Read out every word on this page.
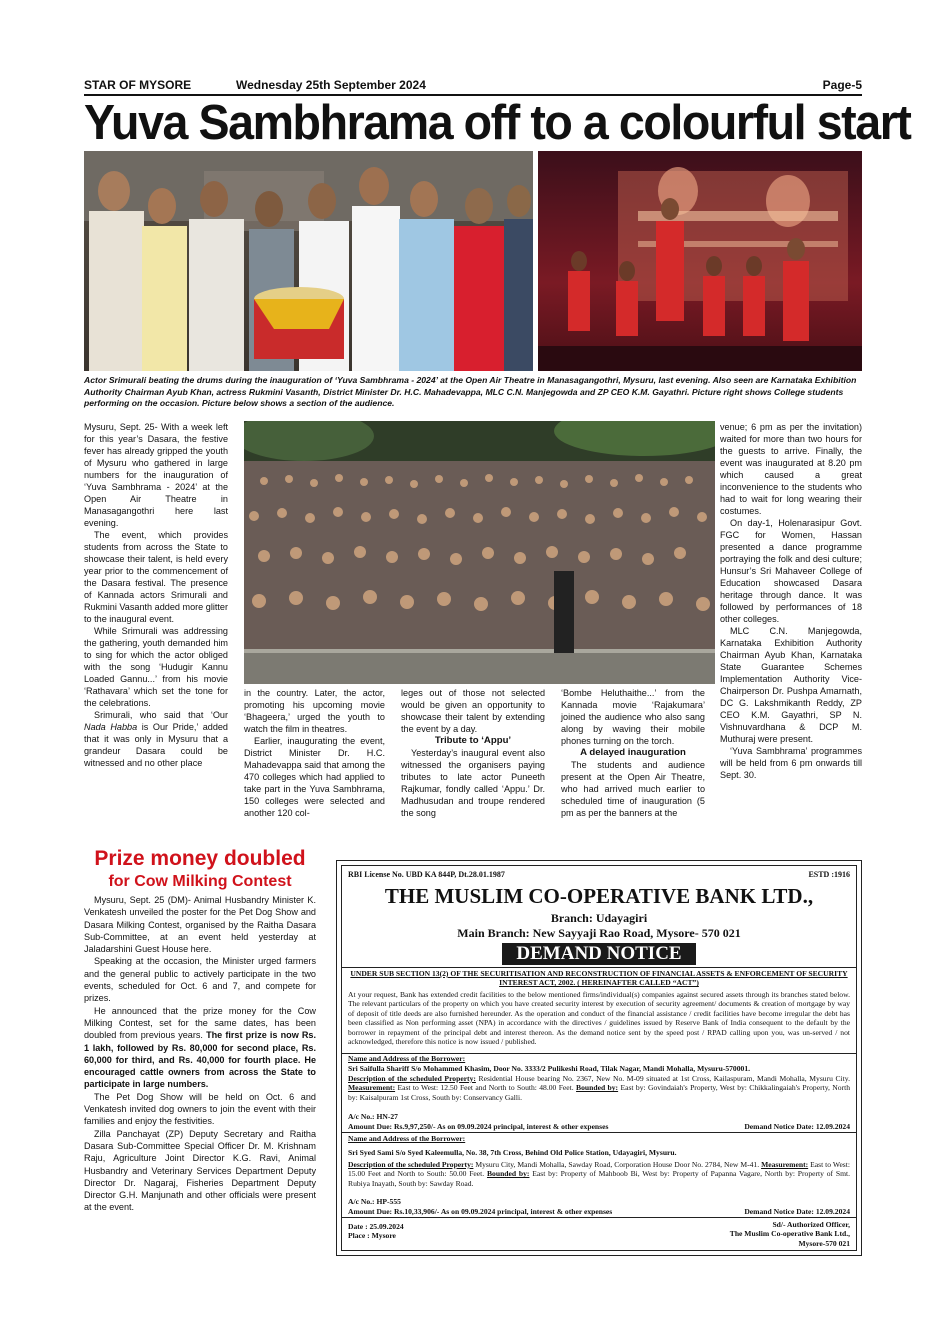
STAR OF MYSORE	Wednesday 25th September 2024	Page-5
Yuva Sambhrama off to a colourful start
Actor Srimurali beating the drums during the inauguration of ‘Yuva Sambhrama - 2024’ at the Open Air Theatre in Manasagangothri, Mysuru, last evening. Also seen are Karnataka Exhibition Authority Chairman Ayub Khan, actress Rukmini Vasanth, District Minister Dr. H.C. Mahadevappa, MLC C.N. Manjegowda and ZP CEO K.M. Gayathri. Picture right shows College students performing on the occasion. Picture below shows a section of the audience.

Mysuru, Sept. 25- With a week left for this year’s Dasara, the festive fever has already gripped the youth of Mysuru who gathered in large numbers for the inauguration of ‘Yuva Sambhrama - 2024’ at the Open Air Theatre in Manasagangothri here last evening.

The event, which provides students from across the State to showcase their talent, is held every year prior to the commencement of the Dasara festival. The presence of Kannada actors Srimurali and Rukmini Vasanth added more glitter to the inaugural event.

While Srimurali was addressing the gathering, youth demanded him to sing for which the actor obliged with the song ‘Hudugir Kannu Loaded Gannu...’ from his movie ‘Rathavara’ which set the tone for the celebrations.

Srimurali, who said that ‘Our Nada Habba is Our Pride,’ added that it was only in Mysuru that a grandeur Dasara could be witnessed and no other place

in the country. Later, the actor, promoting his upcoming movie ‘Bhageera,’ urged the youth to watch the film in theatres.

Earlier, inaugurating the event, District Minister Dr. H.C. Mahadevappa said that among the 470 colleges which had applied to take part in the Yuva Sambhrama, 150 colleges were selected and another 120 col-

leges out of those not selected would be given an opportunity to showcase their talent by extending the event by a day.

Tribute to ‘Appu’

Yesterday’s inaugural event also witnessed the organisers paying tributes to late actor Puneeth Rajkumar, fondly called ‘Appu.’ Dr. Madhusudan and troupe rendered the song

‘Bombe Heluthaithe...’ from the Kannada movie ‘Rajakumara’ joined the audience who also sang along by waving their mobile phones turning on the torch.

A delayed inauguration

The students and audience present at the Open Air Theatre, who had arrived much earlier to scheduled time of inauguration (5 pm as per the banners at the

venue; 6 pm as per the invitation) waited for more than two hours for the guests to arrive. Finally, the event was inaugurated at 8.20 pm which caused a great inconvenience to the students who had to wait for long wearing their costumes.

On day-1, Holenarasipur Govt. FGC for Women, Hassan presented a dance programme portraying the folk and desi culture; Hunsur’s Sri Mahaveer College of Education showcased Dasara heritage through dance. It was followed by performances of 18 other colleges.

MLC C.N. Manjegowda, Karnataka Exhibition Authority Chairman Ayub Khan, Karnataka State Guarantee Schemes Implementation Authority Vice-Chairperson Dr. Pushpa Amarnath, DC G. Lakshmikanth Reddy, ZP CEO K.M. Gayathri, SP N. Vishnuvardhana & DCP M. Muthuraj were present.

‘Yuva Sambhrama’ programmes will be held from 6 pm onwards till Sept. 30.

Prize money doubled
for Cow Milking Contest

Mysuru, Sept. 25 (DM)- Animal Husbandry Minister K. Venkatesh unveiled the poster for the Pet Dog Show and Dasara Milking Contest, organised by the Raitha Dasara Sub-Committee, at an event held yesterday at Jaladarshini Guest House here.

Speaking at the occasion, the Minister urged farmers and the general public to actively participate in the two events, scheduled for Oct. 6 and 7, and compete for prizes.

He announced that the prize money for the Cow Milking Contest, set for the same dates, has been doubled from previous years. The first prize is now Rs. 1 lakh, followed by Rs. 80,000 for second place, Rs. 60,000 for third, and Rs. 40,000 for fourth place. He encouraged cattle owners from across the State to participate in large numbers.

The Pet Dog Show will be held on Oct. 6 and Venkatesh invited dog owners to join the event with their families and enjoy the festivities.

Zilla Panchayat (ZP) Deputy Secretary and Raitha Dasara Sub-Committee Special Officer Dr. M. Krishnam Raju, Agriculture Joint Director K.G. Ravi, Animal Husbandry and Veterinary Services Department Deputy Director Dr. Nagaraj, Fisheries Department Deputy Director G.H. Manjunath and other officials were present at the event.

RBI License No. UBD KA 844P, Dt.28.01.1987	ESTD :1916
THE MUSLIM CO-OPERATIVE BANK LTD.,
Branch: Udayagiri
Main Branch: New Sayyaji Rao Road, Mysore- 570 021
DEMAND NOTICE
UNDER SUB SECTION 13(2) OF THE SECURITISATION AND RECONSTRUCTION OF FINANCIAL ASSETS & ENFORCEMENT OF SECURITY INTEREST ACT, 2002. ( HEREINAFTER CALLED “ACT”)
At your request, Bank has extended credit facilities to the below mentioned firms/individual(s) companies against secured assets through its branches stated below. The relevant particulars of the property on which you have created security interest by execution of security agreement/ documents & creation of mortgage by way of deposit of title deeds are also furnished hereunder. As the operation and conduct of the financial assistance / credit facilities have become irregular the debt has been classified as Non performing asset (NPA) in accordance with the directives / guidelines issued by Reserve Bank of India consequent to the default by the borrower in repayment of the principal debt and interest thereon. As the demand notice sent by the speed post / RPAD calling upon you, was un-served / not acknowledged, therefore this notice is now issued / published.
Name and Address of the Borrower:
Sri Saifulla Shariff S/o Mohammed Khasim, Door No. 3333/2 Pulikeshi Road, Tilak Nagar, Mandi Mohalla, Mysuru-570001.
Description of the scheduled Property: Residential House bearing No. 2367, New No. M-09 situated at 1st Cross, Kailaspuram, Mandi Mohalla, Mysuru City. Measurement: East to West: 12.50 Feet and North to South: 48.00 Feet. Bounded by: East by: Govindaiah's Property, West by: Chikkalingaiah's Property, North by: Kaisalpuram 1st Cross, South by: Conservancy Galli.
A/c No.: HN-27
Amount Due: Rs.9,97,250/- As on 09.09.2024 principal, interest & other expenses	Demand Notice Date: 12.09.2024
Name and Address of the Borrower:
Sri Syed Sami S/o Syed Kaleemulla, No. 38, 7th Cross, Behind Old Police Station, Udayagiri, Mysuru.
Description of the scheduled Property: Mysuru City, Mandi Mohalla, Sawday Road, Corporation House Door No. 2784, New M-41. Measurement: East to West: 15.00 Feet and North to South: 50.00 Feet. Bounded by: East by: Property of Mahboob Bi, West by: Property of Papanna Vagare, North by: Property of Smt. Rubiya Inayath, South by: Sawday Road.
A/c No.: HP-555
Amount Due: Rs.10,33,906/- As on 09.09.2024 principal, interest & other expenses	Demand Notice Date: 12.09.2024
Date : 25.09.2024
Place : Mysore
Sd/- Authorized Officer,
The Muslim Co-operative Bank Ltd.,
Mysore-570 021
